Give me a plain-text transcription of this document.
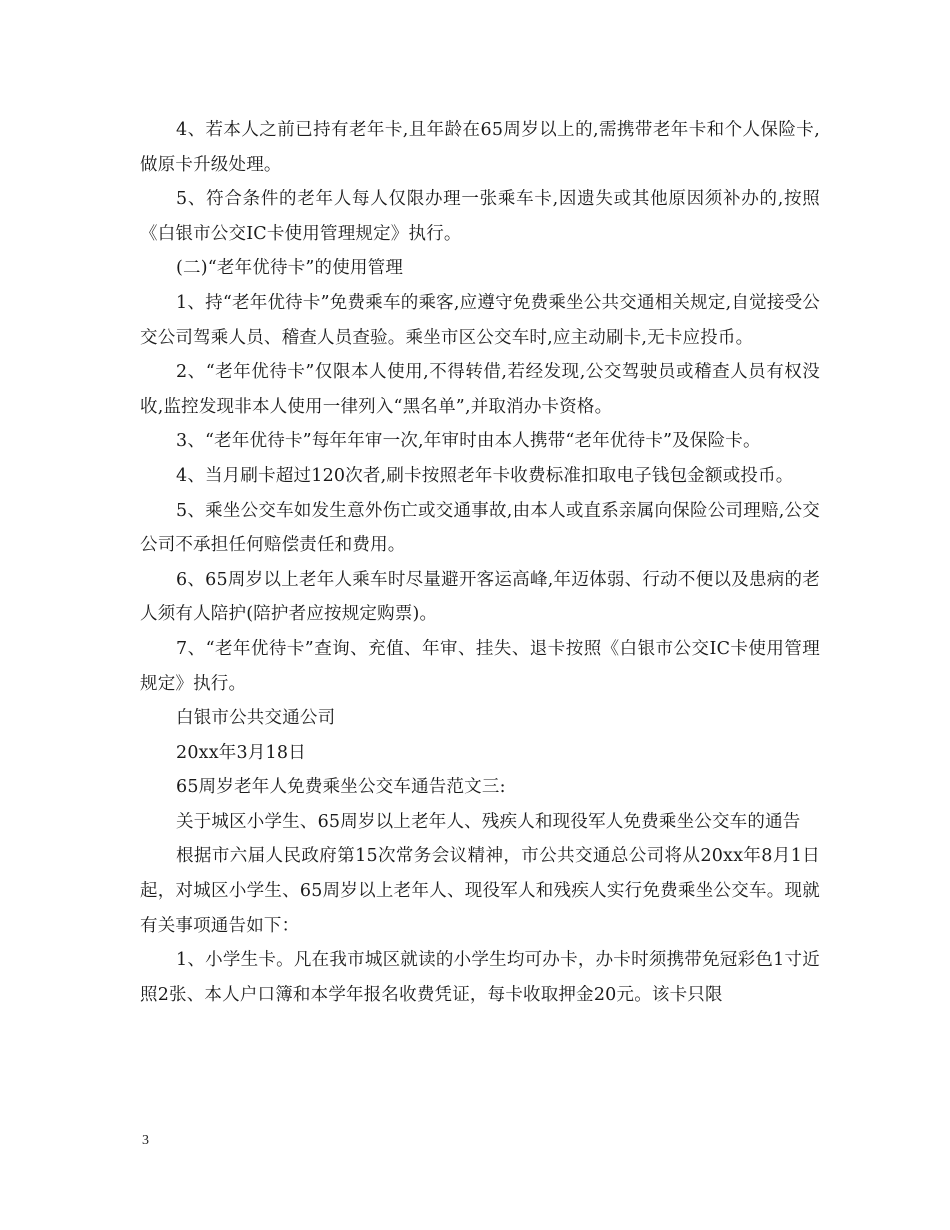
4、若本人之前已持有老年卡,且年龄在65周岁以上的,需携带老年卡和个人保险卡,做原卡升级处理。

5、符合条件的老年人每人仅限办理一张乘车卡,因遗失或其他原因须补办的,按照《白银市公交IC卡使用管理规定》执行。

(二)“老年优待卡”的使用管理

1、持“老年优待卡”免费乘车的乘客,应遵守免费乘坐公共交通相关规定,自觉接受公交公司驾乘人员、稽查人员查验。乘坐市区公交车时,应主动刷卡,无卡应投币。

2、“老年优待卡”仅限本人使用,不得转借,若经发现,公交驾驶员或稽查人员有权没收,监控发现非本人使用一律列入“黑名单”,并取消办卡资格。

3、“老年优待卡”每年年审一次,年审时由本人携带“老年优待卡”及保险卡。

4、当月刷卡超过120次者,刷卡按照老年卡收费标准扣取电子钱包金额或投币。

5、乘坐公交车如发生意外伤亡或交通事故,由本人或直系亲属向保险公司理赔,公交公司不承担任何赔偿责任和费用。

6、65周岁以上老年人乘车时尽量避开客运高峰,年迈体弱、行动不便以及患病的老人须有人陪护(陪护者应按规定购票)。

7、“老年优待卡”查询、充值、年审、挂失、退卡按照《白银市公交IC卡使用管理规定》执行。

白银市公共交通公司

20xx年3月18日

65周岁老年人免费乘坐公交车通告范文三:

关于城区小学生、65周岁以上老年人、残疾人和现役军人免费乘坐公交车的通告

根据市六届人民政府第15次常务会议精神，市公共交通总公司将从20xx年8月1日起，对城区小学生、65周岁以上老年人、现役军人和残疾人实行免费乘坐公交车。现就有关事项通告如下：

1、小学生卡。凡在我市城区就读的小学生均可办卡，办卡时须携带免冠彩色1寸近照2张、本人户口簿和本学年报名收费凭证，每卡收取押金20元。该卡只限

3
